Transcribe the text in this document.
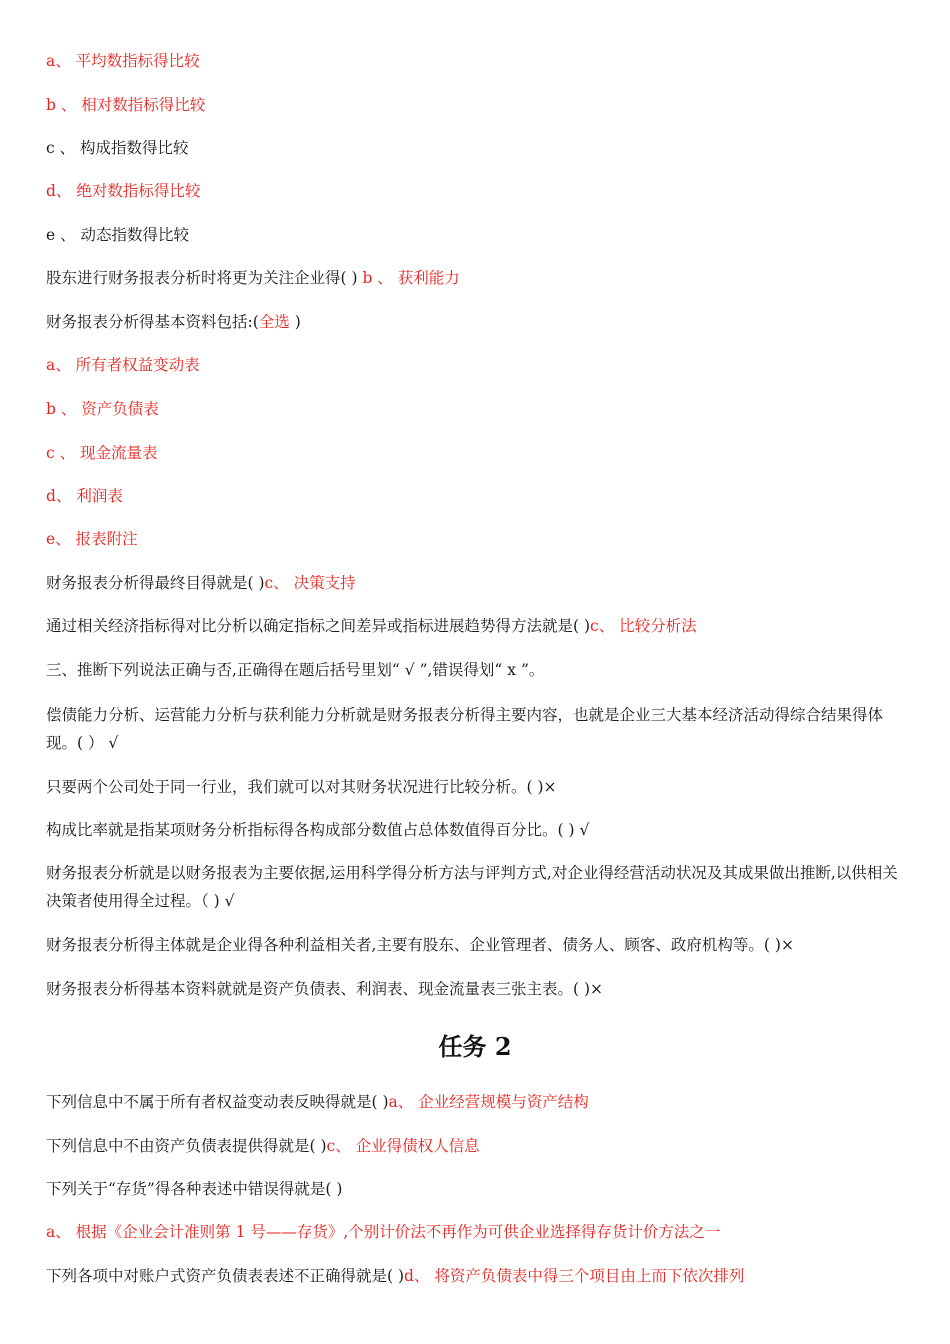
a、 平均数指标得比较
b 、 相对数指标得比较
c 、 构成指数得比较
d、 绝对数指标得比较
e 、 动态指数得比较
股东进行财务报表分析时将更为关注企业得( ) b 、 获利能力
财务报表分析得基本资料包括:(全选 )
a、 所有者权益变动表
b 、 资产负债表
c 、 现金流量表
d、 利润表
e、 报表附注
财务报表分析得最终目得就是( )c、 决策支持
通过相关经济指标得对比分析以确定指标之间差异或指标进展趋势得方法就是( )c、 比较分析法
三、推断下列说法正确与否,正确得在题后括号里划“ √ ”,错误得划“ x ”。
偿债能力分析、运营能力分析与获利能力分析就是财务报表分析得主要内容，也就是企业三大基本经济活动得综合结果得体现。( ） √
只要两个公司处于同一行业，我们就可以对其财务状况进行比较分析。( )×
构成比率就是指某项财务分析指标得各构成部分数值占总体数值得百分比。( ) √
财务报表分析就是以财务报表为主要依据,运用科学得分析方法与评判方式,对企业得经营活动状况及其成果做出推断,以供相关决策者使用得全过程。（ ) √
财务报表分析得主体就是企业得各种利益相关者,主要有股东、企业管理者、债务人、顾客、政府机构等。( )×
财务报表分析得基本资料就就是资产负债表、利润表、现金流量表三张主表。( )×
任务 2
下列信息中不属于所有者权益变动表反映得就是( )a、 企业经营规模与资产结构
下列信息中不由资产负债表提供得就是( )c、 企业得债权人信息
下列关于“存货”得各种表述中错误得就是( )
a、 根据《企业会计准则第 1 号——存货》,个别计价法不再作为可供企业选择得存货计价方法之一
下列各项中对账户式资产负债表表述不正确得就是( )d、 将资产负债表中得三个项目由上而下依次排列
